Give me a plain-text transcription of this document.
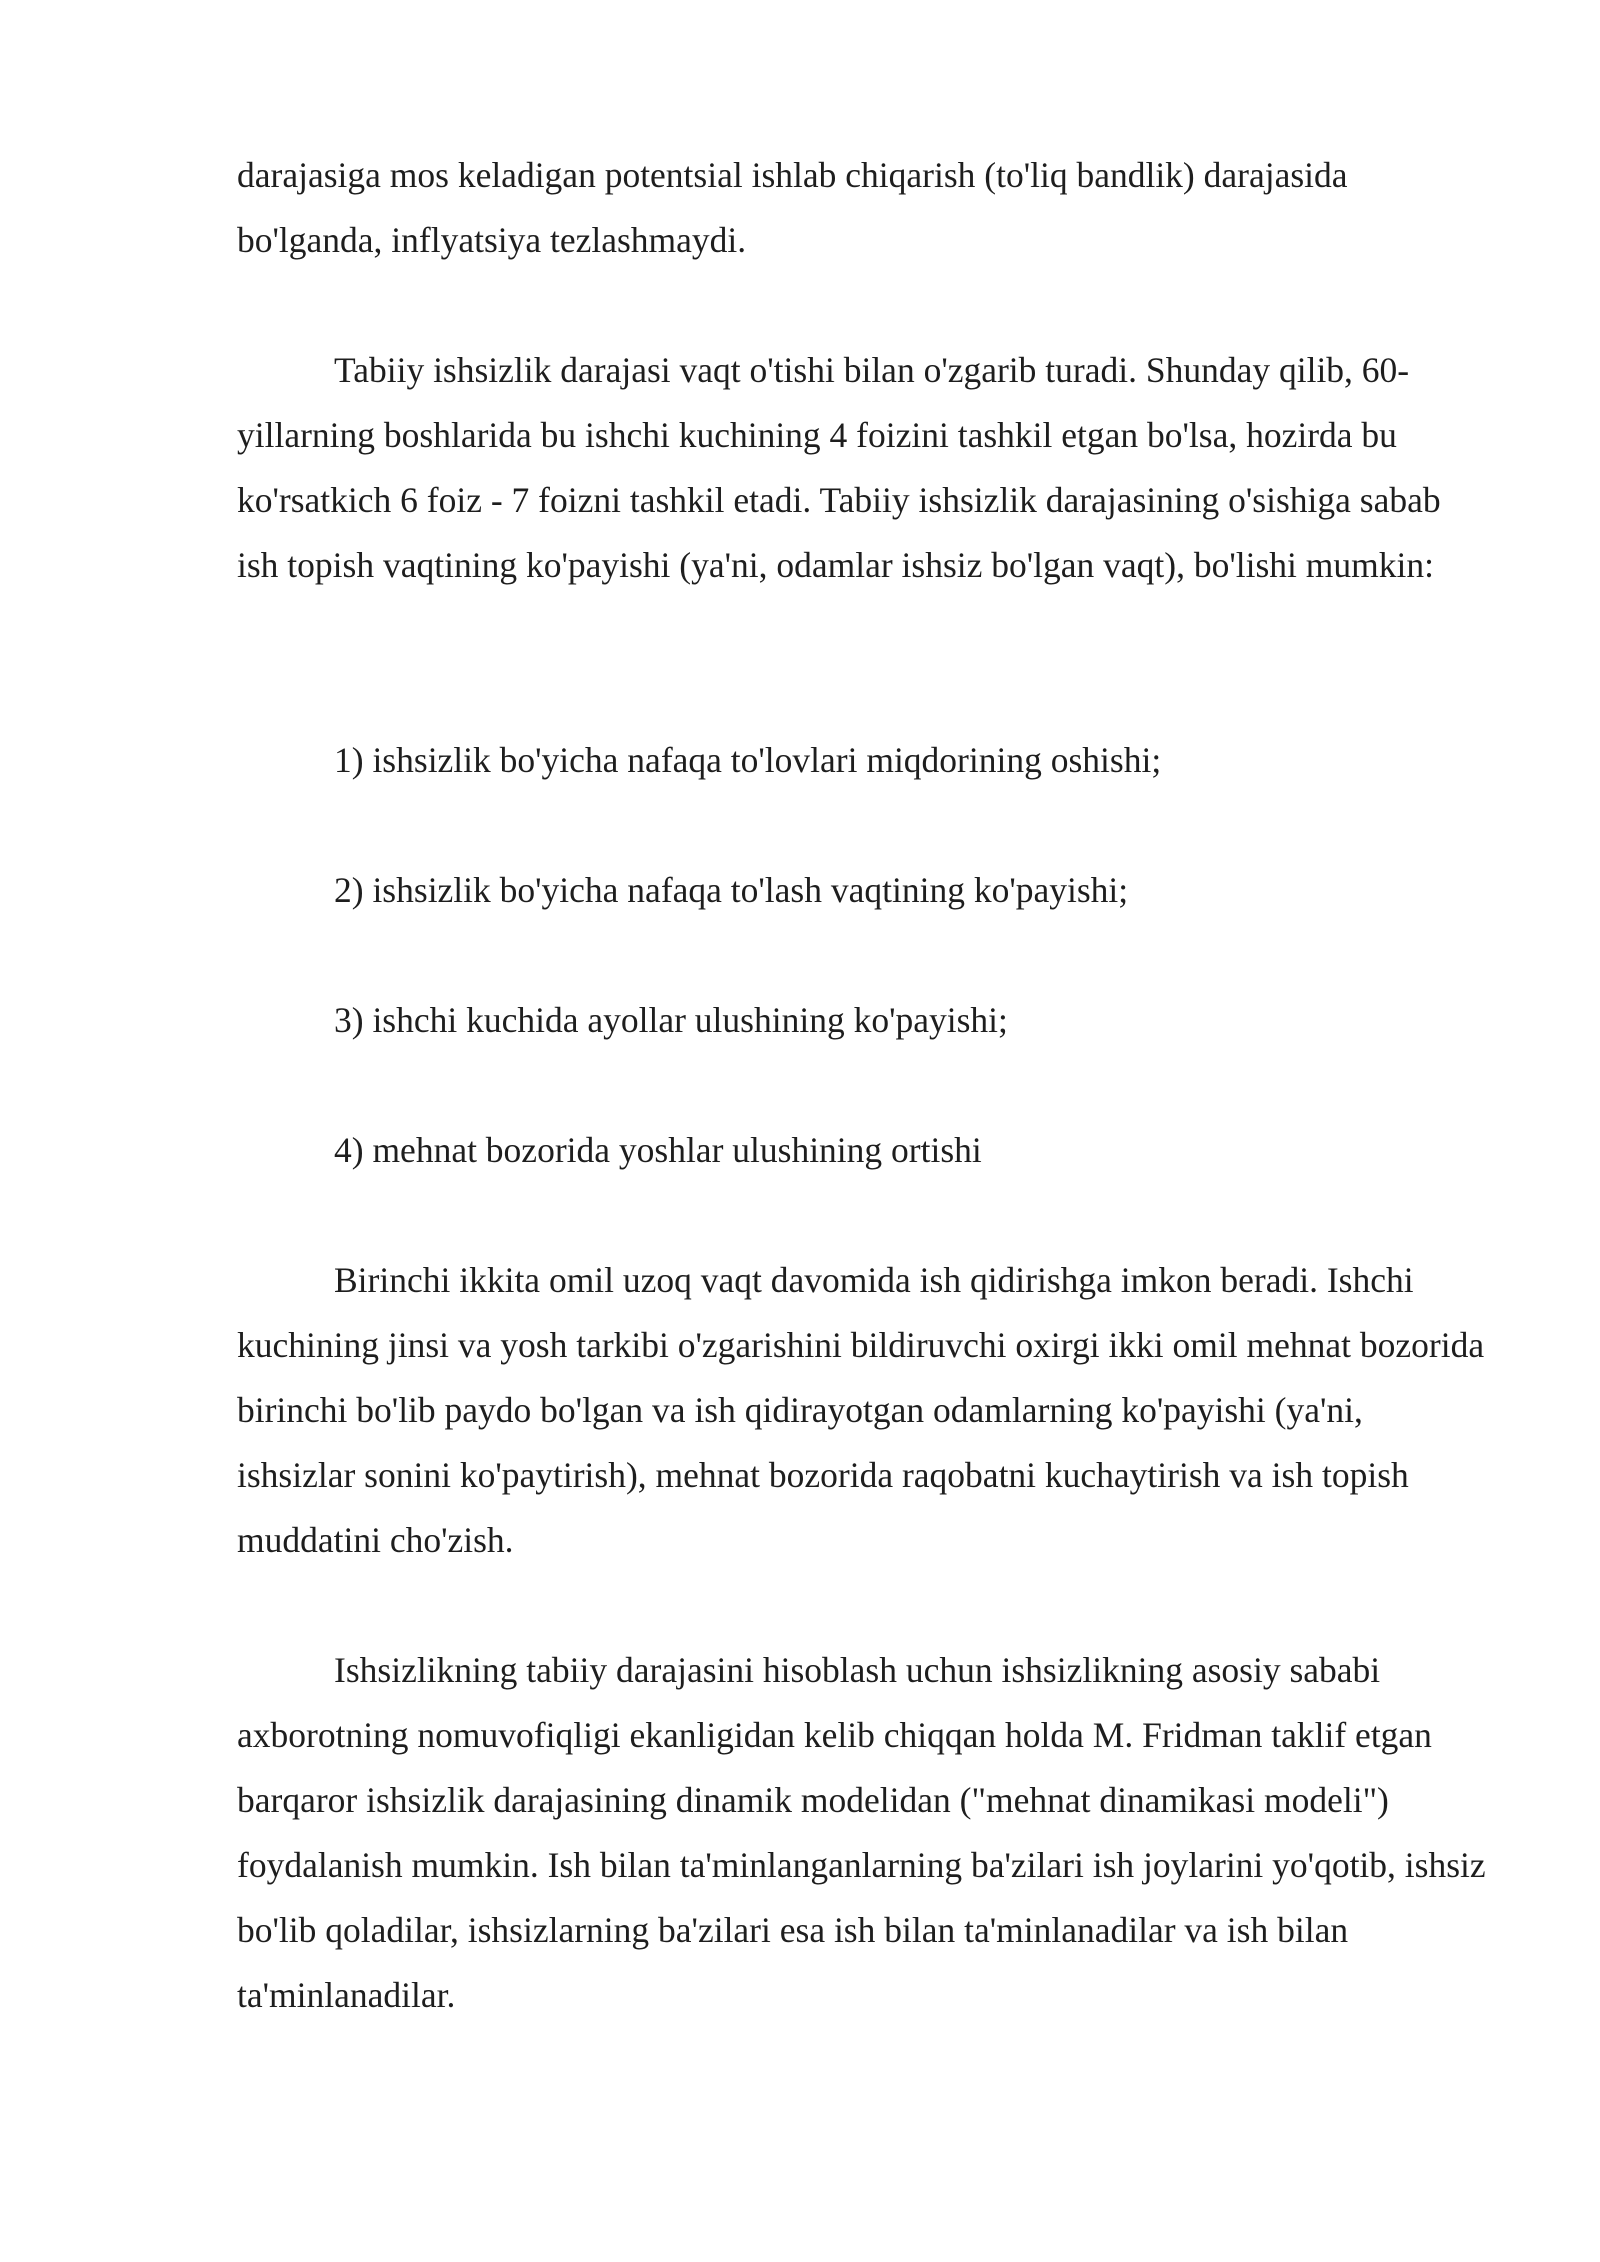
darajasiga mos keladigan potentsial ishlab chiqarish (to'liq bandlik) darajasida bo'lganda, inflyatsiya tezlashmaydi.

Tabiiy ishsizlik darajasi vaqt o'tishi bilan o'zgarib turadi. Shunday qilib, 60-yillarning boshlarida bu ishchi kuchining 4 foizini tashkil etgan bo'lsa, hozirda bu ko'rsatkich 6 foiz - 7 foizni tashkil etadi. Tabiiy ishsizlik darajasining o'sishiga sabab ish topish vaqtining ko'payishi (ya'ni, odamlar ishsiz bo'lgan vaqt), bo'lishi mumkin:

1) ishsizlik bo'yicha nafaqa to'lovlari miqdorining oshishi;

2) ishsizlik bo'yicha nafaqa to'lash vaqtining ko'payishi;

3) ishchi kuchida ayollar ulushining ko'payishi;

4) mehnat bozorida yoshlar ulushining ortishi

Birinchi ikkita omil uzoq vaqt davomida ish qidirishga imkon beradi. Ishchi kuchining jinsi va yosh tarkibi o'zgarishini bildiruvchi oxirgi ikki omil mehnat bozorida birinchi bo'lib paydo bo'lgan va ish qidirayotgan odamlarning ko'payishi (ya'ni, ishsizlar sonini ko'paytirish), mehnat bozorida raqobatni kuchaytirish va ish topish muddatini cho'zish.

Ishsizlikning tabiiy darajasini hisoblash uchun ishsizlikning asosiy sababi axborotning nomuvofiqligi ekanligidan kelib chiqqan holda M. Fridman taklif etgan barqaror ishsizlik darajasining dinamik modelidan ("mehnat dinamikasi modeli") foydalanish mumkin. Ish bilan ta'minlanganlarning ba'zilari ish joylarini yo'qotib, ishsiz bo'lib qoladilar, ishsizlarning ba'zilari esa ish bilan ta'minlanadilar va ish bilan ta'minlanadilar.
